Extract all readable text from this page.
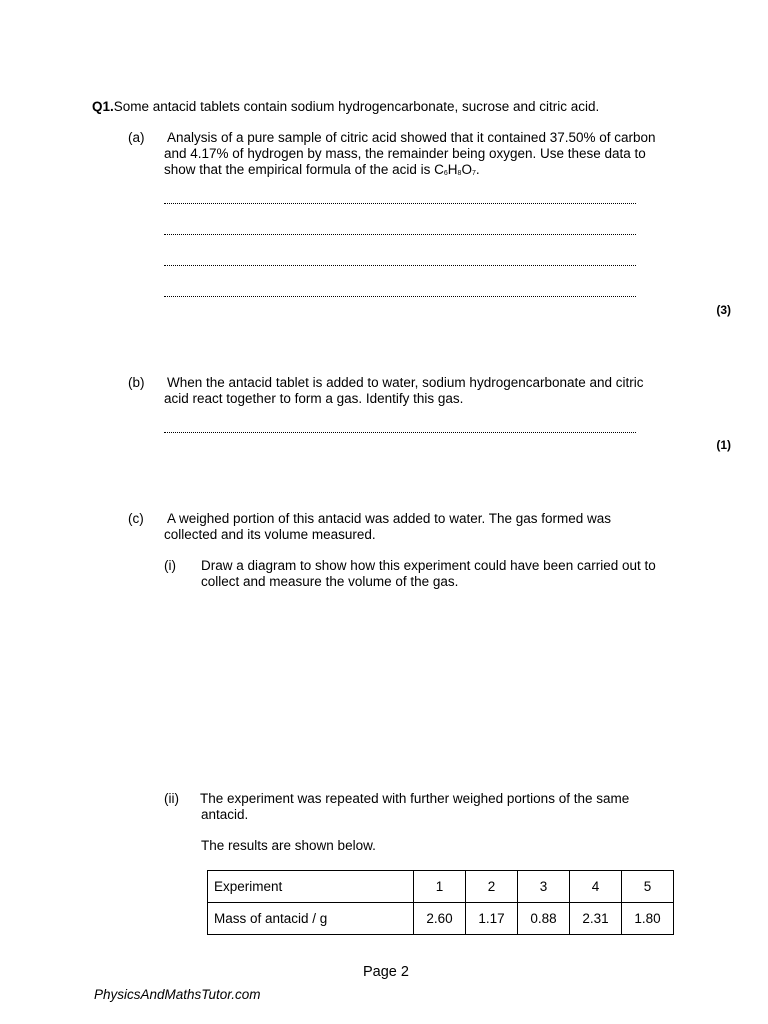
Q1.Some antacid tablets contain sodium hydrogencarbonate, sucrose and citric acid.
(a) Analysis of a pure sample of citric acid showed that it contained 37.50% of carbon
and 4.17% of hydrogen by mass, the remainder being oxygen. Use these data to
show that the empirical formula of the acid is $C_6H_8O_7$.
(3)
(b) When the antacid tablet is added to water, sodium hydrogencarbonate and citric
acid react together to form a gas. Identify this gas.
(1)
(c) A weighed portion of this antacid was added to water. The gas formed was
collected and its volume measured.
(i) Draw a diagram to show how this experiment could have been carried out to
collect and measure the volume of the gas.
(ii) The experiment was repeated with further weighed portions of the same
antacid.
The results are shown below.
Experiment	1	2	3	4	5
Mass of antacid / g	2.60	1.17	0.88	2.31	1.80
Page 2
PhysicsAndMathsTutor.com
